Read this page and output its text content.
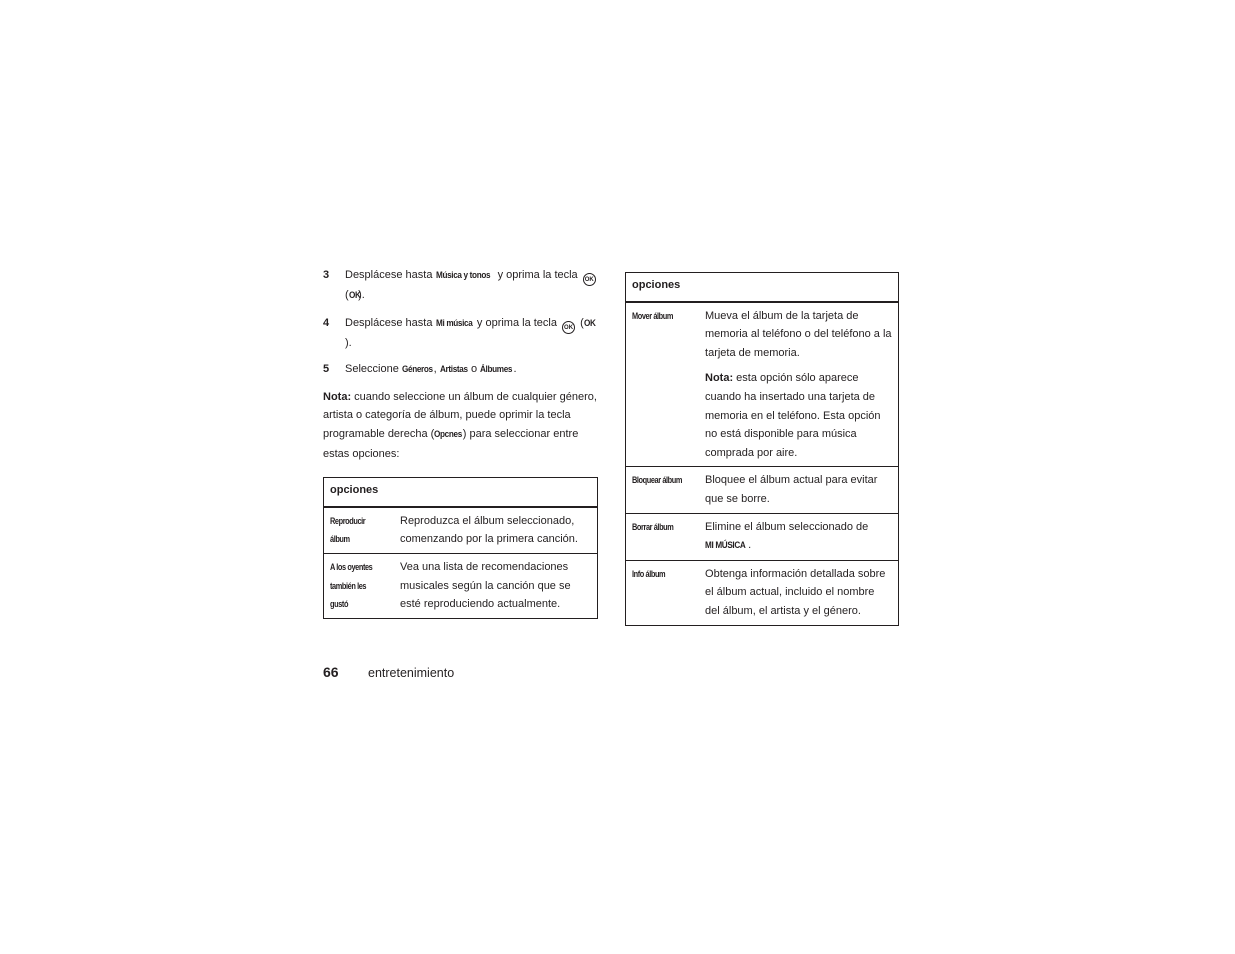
3	Desplácese hasta Música y tonos y oprima la tecla OK (OK).
4	Desplácese hasta Mi música y oprima la tecla OK (OK).
5	Seleccione Géneros, Artistas o Álbumes.
Nota: cuando seleccione un álbum de cualquier género, artista o categoría de álbum, puede oprimir la tecla programable derecha (Opcnes) para seleccionar entre estas opciones:
opciones	
Reproducir
álbum	Reproduzca el álbum seleccionado, comenzando por la primera canción.
A los oyentes
también les
gustó	Vea una lista de recomendaciones musicales según la canción que se esté reproduciendo actualmente.
opciones	
Mover álbum	Mueva el álbum de la tarjeta de memoria al teléfono o del teléfono a la tarjeta de memoria.
Nota: esta opción sólo aparece cuando ha insertado una tarjeta de memoria en el teléfono. Esta opción no está disponible para música comprada por aire.

Bloquear álbum	Bloquee el álbum actual para evitar que se borre.
Borrar álbum	Elimine el álbum seleccionado de MI MÚSICA .
Info álbum	Obtenga información detallada sobre el álbum actual, incluido el nombre del álbum, el artista y el género.
66 entretenimiento
